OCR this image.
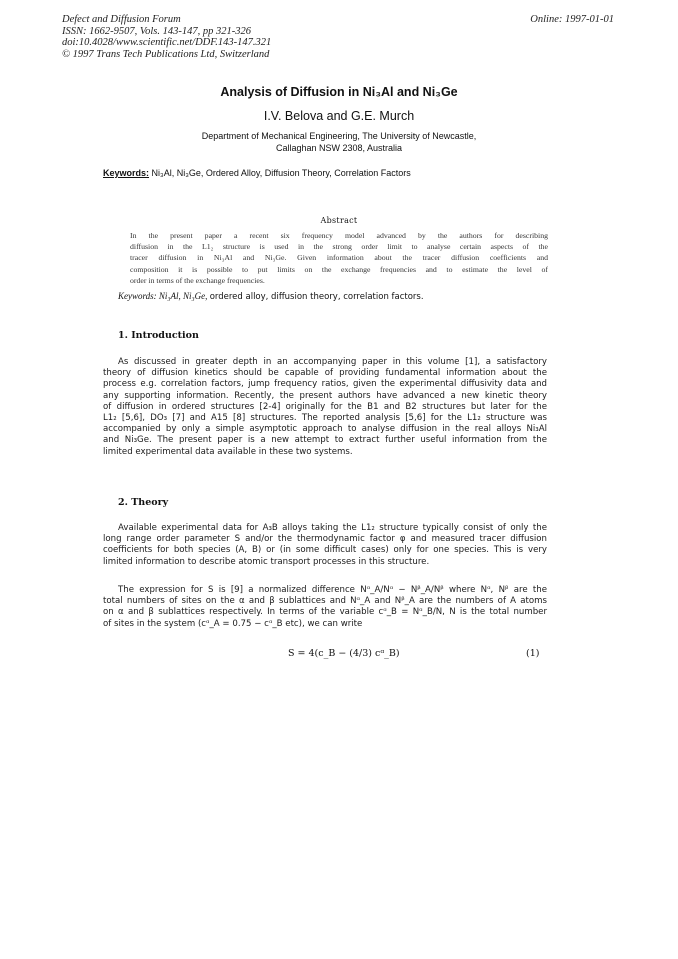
Defect and Diffusion Forum
ISSN: 1662-9507, Vols. 143-147, pp 321-326
doi:10.4028/www.scientific.net/DDF.143-147.321
© 1997 Trans Tech Publications Ltd, Switzerland
Online: 1997-01-01
Analysis of Diffusion in Ni₃Al and Ni₃Ge
I.V. Belova and G.E. Murch
Department of Mechanical Engineering, The University of Newcastle,
Callaghan NSW 2308, Australia
Keywords: Ni₃Al, Ni₃Ge, Ordered Alloy, Diffusion Theory, Correlation Factors
Abstract
In the present paper a recent six frequency model advanced by the authors for describing
diffusion in the L1₂ structure is used in the strong order limit to analyse certain aspects of the
tracer diffusion in Ni₃Al and Ni₃Ge. Given information about the tracer diffusion coefficients and
composition it is possible to put limits on the exchange frequencies and to estimate the level of
order in terms of the exchange frequencies.
Keywords: Ni₃Al, Ni₃Ge, ordered alloy, diffusion theory, correlation factors.
1. Introduction
As discussed in greater depth in an accompanying paper in this volume [1], a satisfactory
theory of diffusion kinetics should be capable of providing fundamental information about the
process e.g. correlation factors, jump frequency ratios, given the experimental diffusivity data and
any supporting information. Recently, the present authors have advanced a new kinetic theory
of diffusion in ordered structures [2-4] originally for the B1 and B2 structures but later for the
L1₂ [5,6], DO₃ [7] and A15 [8] structures. The reported analysis [5,6] for the L1₂ structure was
accompanied by only a simple asymptotic approach to analyse diffusion in the real alloys Ni₃Al
and Ni₃Ge. The present paper is a new attempt to extract further useful information from the
limited experimental data available in these two systems.
2. Theory
Available experimental data for A₃B alloys taking the L1₂ structure typically consist of only the
long range order parameter S and/or the thermodynamic factor φ and measured tracer diffusion
coefficients for both species (A, B) or (in some difficult cases) only for one species. This is very
limited information to describe atomic transport processes in this structure.
The expression for S is [9] a normalized difference Nᵅ_A/Nᵅ − Nᵝ_A/Nᵝ where Nᵅ, Nᵝ are the
total numbers of sites on the α and β sublattices and Nᵅ_A and Nᵝ_A are the numbers of A atoms
on α and β sublattices respectively. In terms of the variable cᵅ_B = Nᵅ_B/N, N is the total number
of sites in the system (cᵅ_A = 0.75 − cᵅ_B etc), we can write
S = 4(c_B − (4/3) cᵅ_B)	(1)
